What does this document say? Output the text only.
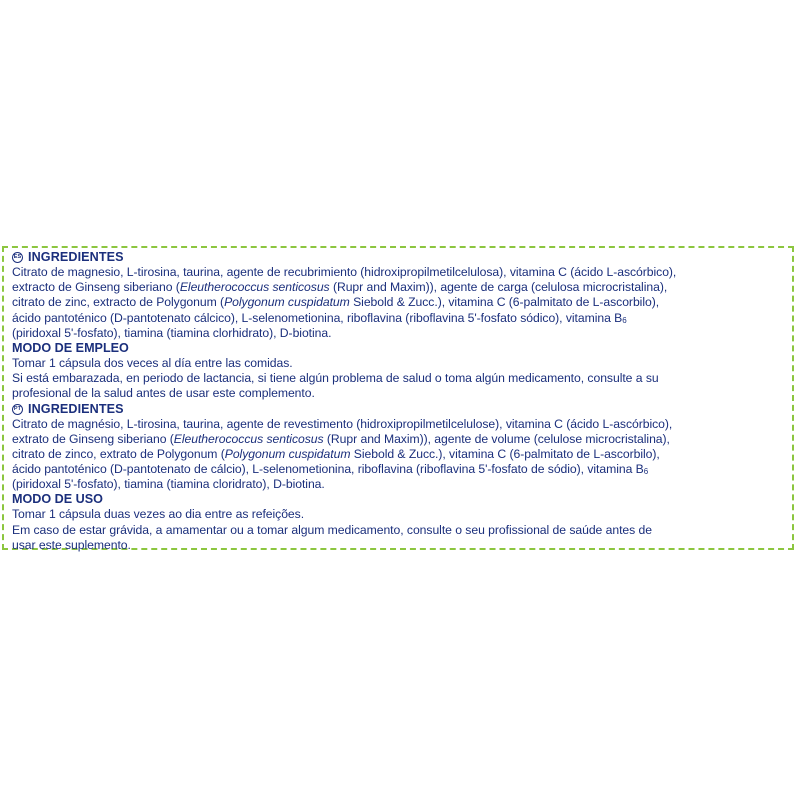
ES INGREDIENTES

Citrato de magnesio, L-tirosina, taurina, agente de recubrimiento (hidroxipropilmetilcelulosa), vitamina C (ácido L-ascórbico),
extracto de Ginseng siberiano (Eleutherococcus senticosus (Rupr and Maxim)), agente de carga (celulosa microcristalina),
citrato de zinc, extracto de Polygonum (Polygonum cuspidatum Siebold & Zucc.), vitamina C (6-palmitato de L-ascorbilo),
ácido pantoténico (D-pantotenato cálcico), L-selenometionina, riboflavina (riboflavina 5'-fosfato sódico), vitamina $B_6$
(piridoxal 5'-fosfato), tiamina (tiamina clorhidrato), D-biotina.

MODO DE EMPLEO

Tomar 1 cápsula dos veces al día entre las comidas.
Si está embarazada, en periodo de lactancia, si tiene algún problema de salud o toma algún medicamento, consulte a su
profesional de la salud antes de usar este complemento.

PT INGREDIENTES

Citrato de magnésio, L-tirosina, taurina, agente de revestimento (hidroxipropilmetilcelulose), vitamina C (ácido L-ascórbico),
extrato de Ginseng siberiano (Eleutherococcus senticosus (Rupr and Maxim)), agente de volume (celulose microcristalina),
citrato de zinco, extrato de Polygonum (Polygonum cuspidatum Siebold & Zucc.), vitamina C (6-palmitato de L-ascorbilo),
ácido pantoténico (D-pantotenato de cálcio), L-selenometionina, riboflavina (riboflavina 5'-fosfato de sódio), vitamina $B_6$
(piridoxal 5'-fosfato), tiamina (tiamina cloridrato), D-biotina.

MODO DE USO

Tomar 1 cápsula duas vezes ao dia entre as refeições.
Em caso de estar grávida, a amamentar ou a tomar algum medicamento, consulte o seu profissional de saúde antes de
usar este suplemento.
